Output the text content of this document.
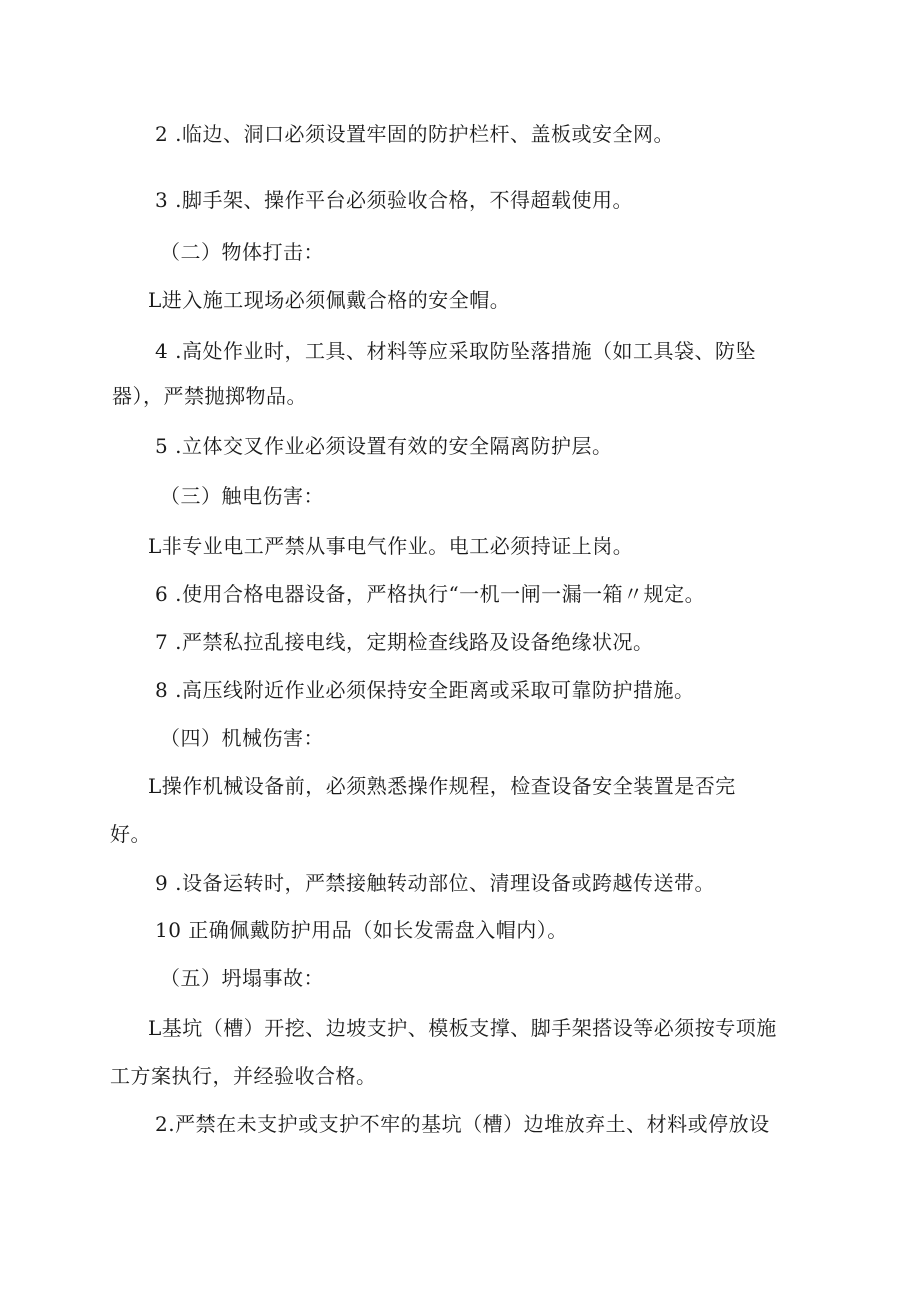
2 .临边、洞口必须设置牢固的防护栏杆、盖板或安全网。
3 .脚手架、操作平台必须验收合格，不得超载使用。
（二）物体打击：
L进入施工现场必须佩戴合格的安全帽。
4 .高处作业时，工具、材料等应采取防坠落措施（如工具袋、防坠
器），严禁抛掷物品。
5 .立体交叉作业必须设置有效的安全隔离防护层。
（三）触电伤害：
L非专业电工严禁从事电气作业。电工必须持证上岗。
6 .使用合格电器设备，严格执行“一机一闸一漏一箱〃规定。
7 .严禁私拉乱接电线，定期检查线路及设备绝缘状况。
8 .高压线附近作业必须保持安全距离或采取可靠防护措施。
（四）机械伤害：
L操作机械设备前，必须熟悉操作规程，检查设备安全装置是否完
好。
9 .设备运转时，严禁接触转动部位、清理设备或跨越传送带。
10 正确佩戴防护用品（如长发需盘入帽内）。
（五）坍塌事故：
L基坑（槽）开挖、边坡支护、模板支撑、脚手架搭设等必须按专项施
工方案执行，并经验收合格。
2.严禁在未支护或支护不牢的基坑（槽）边堆放弃土、材料或停放设
